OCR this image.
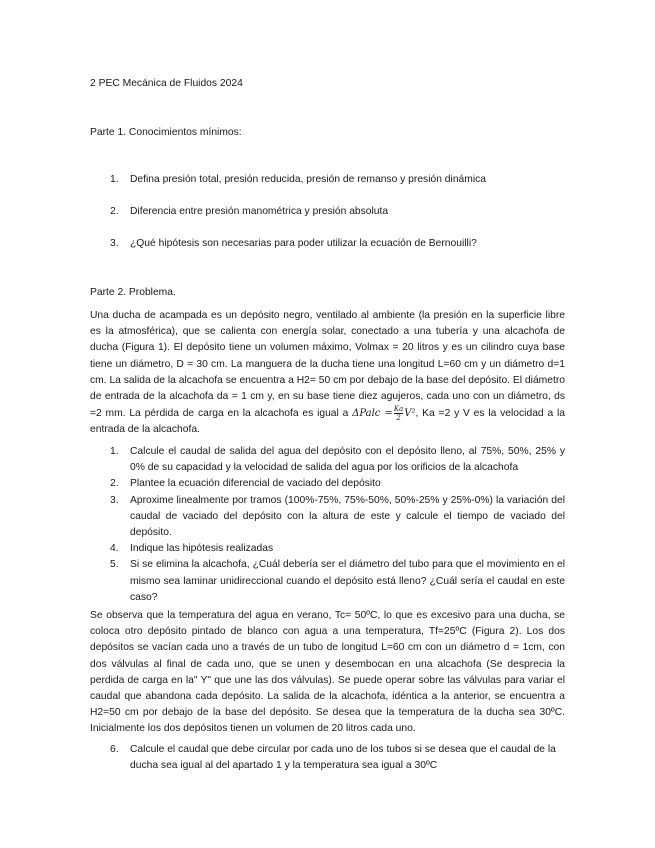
2 PEC Mecánica de Fluidos 2024
Parte 1. Conocimientos mínimos:
1. Defina presión total, presión reducida, presión de remanso y presión dinámica
2. Diferencia entre presión manométrica y presión absoluta
3. ¿Qué hipótesis son necesarias para poder utilizar la ecuación de Bernouilli?
Parte 2. Problema.

Una ducha de acampada es un depósito negro, ventilado al ambiente (la presión en la superficie libre es la atmosférica), que se calienta con energía solar, conectado a una tubería y una alcachofa de ducha (Figura 1). El depósito tiene un volumen máximo, Volmax = 20 litros y es un cilindro cuya base tiene un diámetro, D = 30 cm. La manguera de la ducha tiene una longitud L=60 cm y un diámetro d=1 cm. La salida de la alcachofa se encuentra a H2= 50 cm por debajo de la base del depósito. El diámetro de entrada de la alcachofa da = 1 cm y, en su base tiene diez agujeros, cada uno con un diámetro, ds =2 mm. La pérdida de carga en la alcachofa es igual a ΔPalc = $\frac{Ka}{2} V^2$, Ka =2 y V es la velocidad a la entrada de la alcachofa.

1. Calcule el caudal de salida del agua del depósito con el depósito lleno, al 75%, 50%, 25% y 0% de su capacidad y la velocidad de salida del agua por los orificios de la alcachofa
2. Plantee la ecuación diferencial de vaciado del depósito
3. Aproxime linealmente por tramos (100%-75%, 75%-50%, 50%-25% y 25%-0%) la variación del caudal de vaciado del depósito con la altura de este y calcule el tiempo de vaciado del depósito.
4. Indique las hipótesis realizadas
5. Si se elimina la alcachofa, ¿Cuál debería ser el diámetro del tubo para que el movimiento en el mismo sea laminar unidireccional cuando el depósito está lleno? ¿Cuál sería el caudal en este caso?

Se observa que la temperatura del agua en verano, Tc= 50ºC, lo que es excesivo para una ducha, se coloca otro depósito pintado de blanco con agua a una temperatura, Tf=25ºC (Figura 2). Los dos depósitos se vacían cada uno a través de un tubo de longitud L=60 cm con un diámetro d = 1cm, con dos válvulas al final de cada uno, que se unen y desembocan en una alcachofa (Se desprecia la perdida de carga en la" Y" que une las dos válvulas). Se puede operar sobre las válvulas para variar el caudal que abandona cada depósito. La salida de la alcachofa, idéntica a la anterior, se encuentra a H2=50 cm por debajo de la base del depósito. Se desea que la temperatura de la ducha sea 30ºC. Inicialmente los dos depósitos tienen un volumen de 20 litros cada uno.

6. Calcule el caudal que debe circular por cada uno de los tubos si se desea que el caudal de la ducha sea igual al del apartado 1 y la temperatura sea igual a 30ºC
